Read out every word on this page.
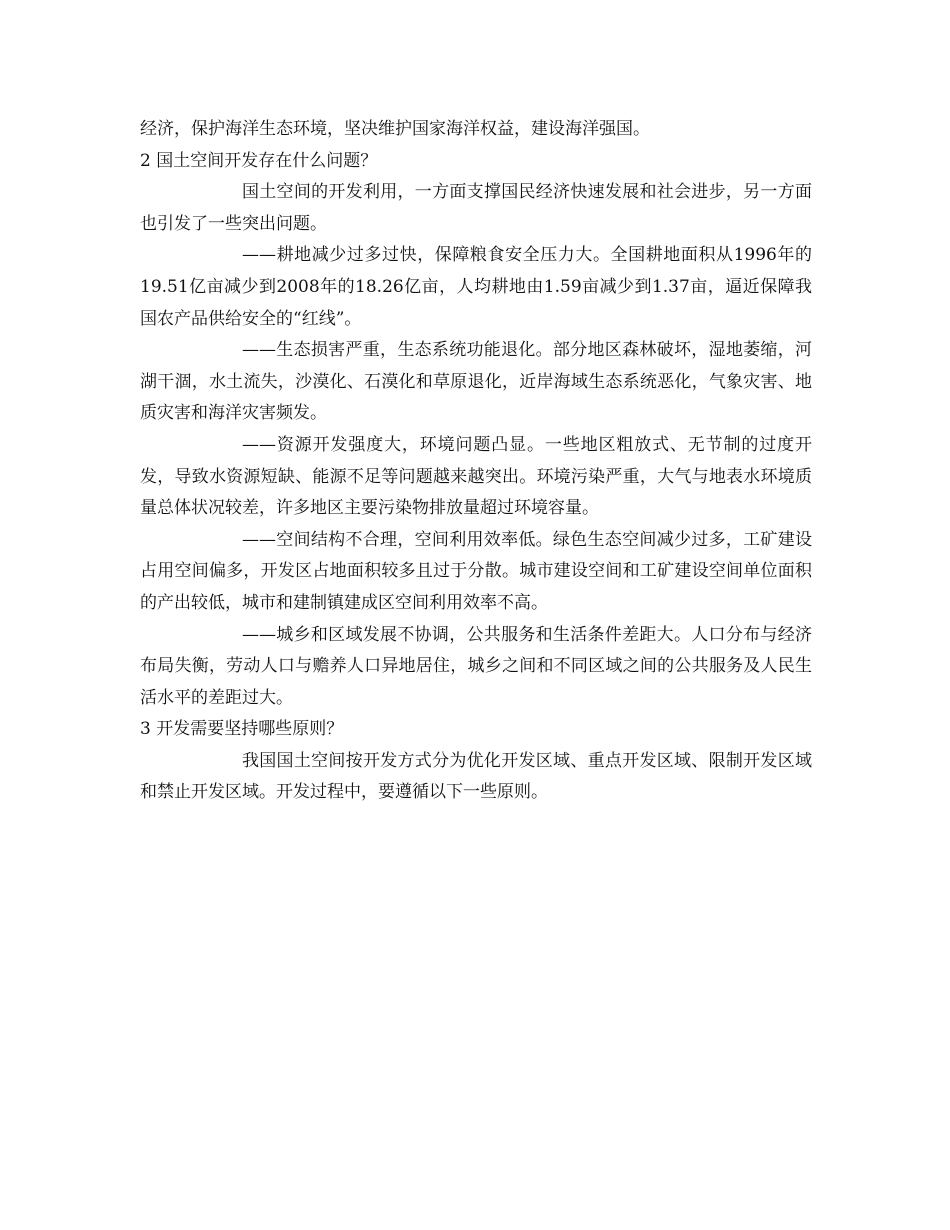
经济，保护海洋生态环境，坚决维护国家海洋权益，建设海洋强国。

2 国土空间开发存在什么问题？

国土空间的开发利用，一方面支撑国民经济快速发展和社会进步，另一方面也引发了一些突出问题。

——耕地减少过多过快，保障粮食安全压力大。全国耕地面积从1996年的19.51亿亩减少到2008年的18.26亿亩，人均耕地由1.59亩减少到1.37亩，逼近保障我国农产品供给安全的“红线”。

——生态损害严重，生态系统功能退化。部分地区森林破坏，湿地萎缩，河湖干涸，水土流失，沙漠化、石漠化和草原退化，近岸海域生态系统恶化，气象灾害、地质灾害和海洋灾害频发。

——资源开发强度大，环境问题凸显。一些地区粗放式、无节制的过度开发，导致水资源短缺、能源不足等问题越来越突出。环境污染严重，大气与地表水环境质量总体状况较差，许多地区主要污染物排放量超过环境容量。

——空间结构不合理，空间利用效率低。绿色生态空间减少过多，工矿建设占用空间偏多，开发区占地面积较多且过于分散。城市建设空间和工矿建设空间单位面积的产出较低，城市和建制镇建成区空间利用效率不高。

——城乡和区域发展不协调，公共服务和生活条件差距大。人口分布与经济布局失衡，劳动人口与赡养人口异地居住，城乡之间和不同区域之间的公共服务及人民生活水平的差距过大。

3 开发需要坚持哪些原则？

我国国土空间按开发方式分为优化开发区域、重点开发区域、限制开发区域和禁止开发区域。开发过程中，要遵循以下一些原则。
